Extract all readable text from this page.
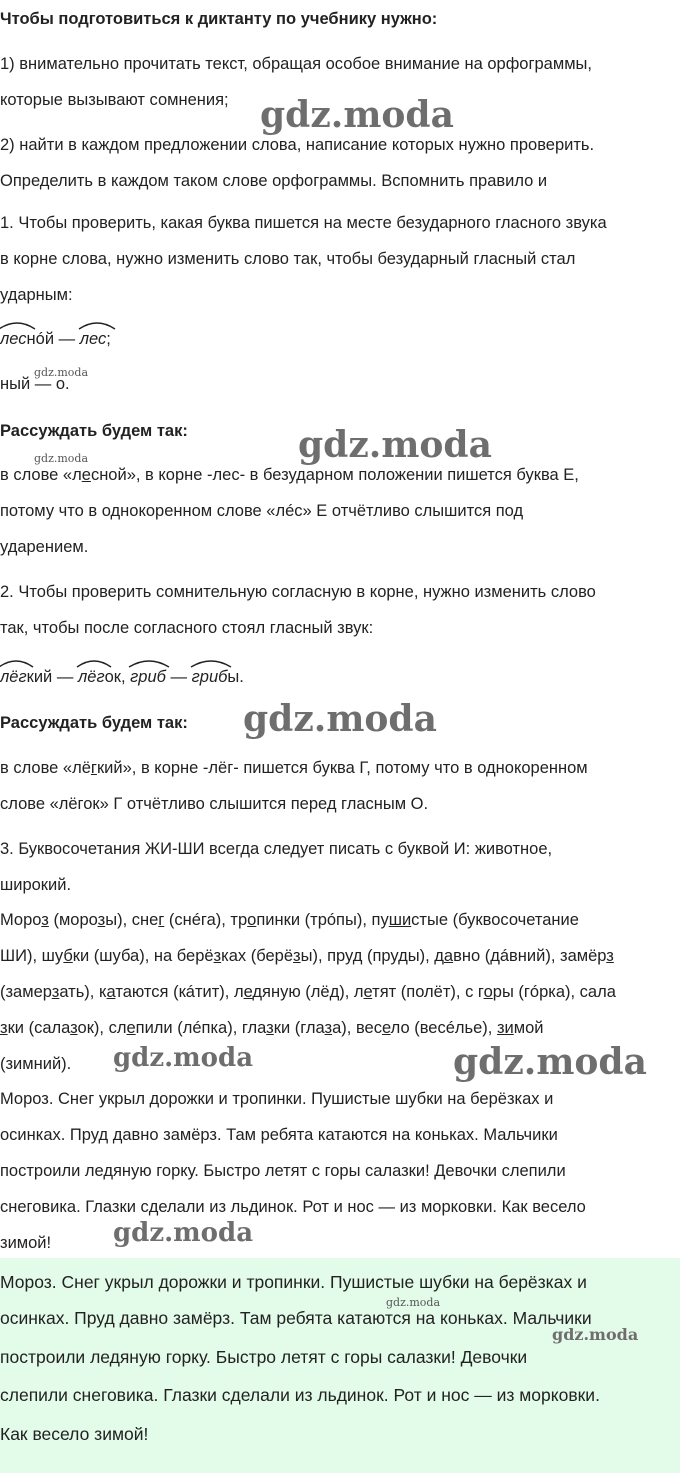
Чтобы подготовиться к диктанту по учебнику нужно:
1) внимательно прочитать текст, обращая особое внимание на орфограммы,
которые вызывают сомнения;
2) найти в каждом предложении слова, написание которых нужно проверить.
Определить в каждом таком слове орфограммы. Вспомнить правило и
1. Чтобы проверить, какая буква пишется на месте безударного гласного звука
в корне слова, нужно изменить слово так, чтобы безударный гласный стал
ударным:
леснóй — лес;
ный — о.
Рассуждать будем так:
в слове «лесной», в корне -лес- в безударном положении пишется буква Е,
потому что в однокоренном слове «лéс» Е отчётливо слышится под
ударением.
2. Чтобы проверить сомнительную согласную в корне, нужно изменить слово
так, чтобы после согласного стоял гласный звук:
лёгкий — лёгок, гриб — грибы.
Рассуждать будем так:
в слове «лёгкий», в корне -лёг- пишется буква Г, потому что в однокоренном
слове «лёгок» Г отчётливо слышится перед гласным О.
3. Буквосочетания ЖИ-ШИ всегда следует писать с буквой И: животное,
широкий.
Мороз (морозы), снег (снéга), тропинки (трóпы), пушистые (буквосочетание
ШИ), шубки (шуба), на берёзках (берёзы), пруд (пруды), давно (дáвний), замёрз
(замерзать), катаются (кáтит), ледяную (лёд), летят (полёт), с горы (гóрка), сала
зки (салазок), слепили (лéпка), глазки (глаза), весело (весéлье), зимой
(зимний).
Мороз. Снег укрыл дорожки и тропинки. Пушистые шубки на берёзках и
осинках. Пруд давно замёрз. Там ребята катаются на коньках. Мальчики
построили ледяную горку. Быстро летят с горы салазки! Девочки слепили
снеговика. Глазки сделали из льдинок. Рот и нос — из морковки. Как весело
зимой!
Мороз. Снег укрыл дорожки и тропинки. Пушистые шубки на берёзках и
осинках. Пруд давно замёрз. Там ребята катаются на коньках. Мальчики
построили ледяную горку. Быстро летят с горы салазки! Девочки
слепили снеговика. Глазки сделали из льдинок. Рот и нос — из морковки.
Как весело зимой!
gdz.moda
gdz.moda
gdz.moda
gdz.moda
gdz.moda
gdz.moda	gdz.moda
gdz.moda
gdz.moda
gdz.moda
